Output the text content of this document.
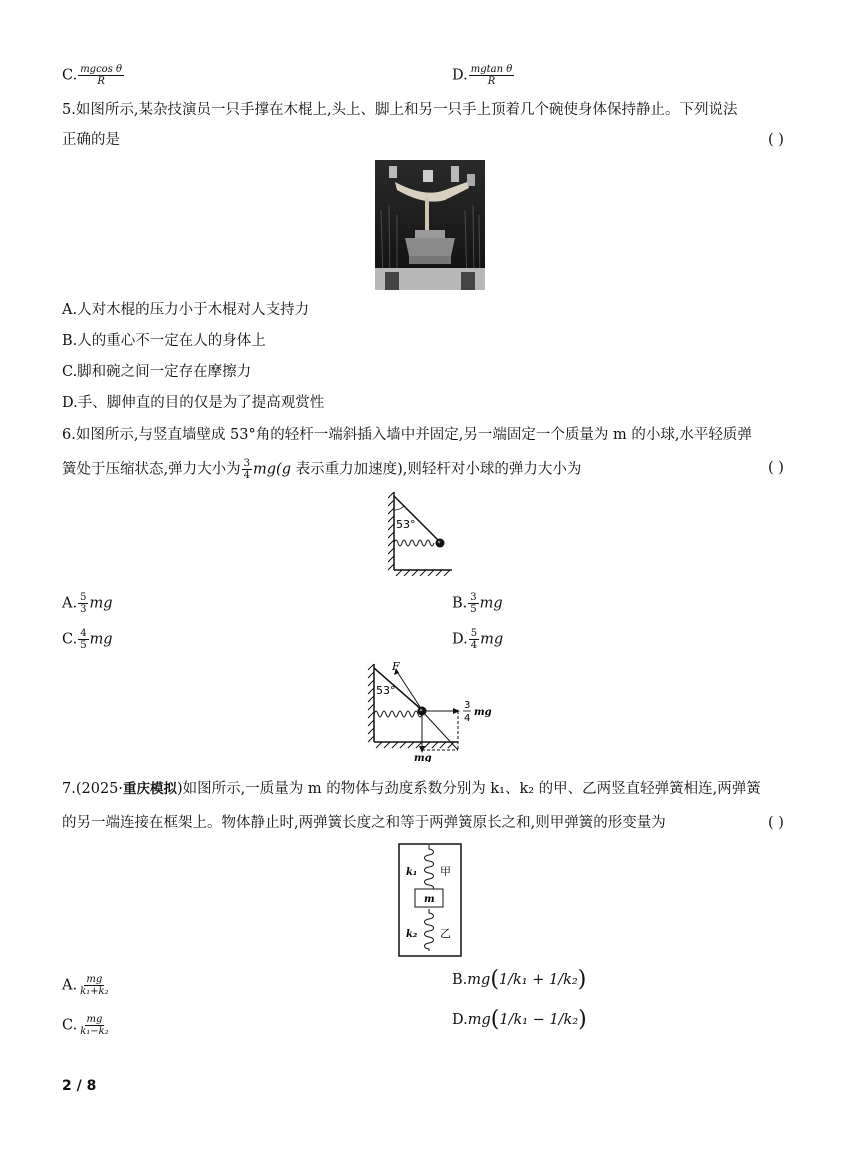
C. $\frac{\text{mgcos θ}}{R}$	D. $\frac{\text{mgtan θ}}{R}$
5.如图所示,某杂技演员一只手撑在木棍上,头上、脚上和另一只手上顶着几个碗使身体保持静止。下列说法
正确的是	( )
A.人对木棍的压力小于木棍对人支持力
B.人的重心不一定在人的身体上
C.脚和碗之间一定存在摩擦力
D.手、脚伸直的目的仅是为了提高观赏性
6.如图所示,与竖直墙壁成 53°角的轻杆一端斜插入墙中并固定,另一端固定一个质量为 m 的小球,水平轻质弹
簧处于压缩状态,弹力大小为 $\frac{3}{4} mg(g$ 表示重力加速度),则轻杆对小球的弹力大小为	( )
53°
A. $\frac{5}{3}$ mg	B. $\frac{3}{5}$ mg
C. $\frac{4}{5}$ mg	D. $\frac{5}{4}$ mg
F
53°
3
4
mg
mg
7.(2025·重庆模拟)如图所示,一质量为 m 的物体与劲度系数分别为 k₁、k₂ 的甲、乙两竖直轻弹簧相连,两弹簧
的另一端连接在框架上。物体静止时,两弹簧长度之和等于两弹簧原长之和,则甲弹簧的形变量为	( )
m
k₁ 甲
k₂ 乙
A. $\frac{mg}{\text{k₁+k₂}}$	B.mg(1/k₁ + 1/k₂)
C. $\frac{mg}{\text{k₁−k₂}}$	D.mg(1/k₁ − 1/k₂)
2 / 8
